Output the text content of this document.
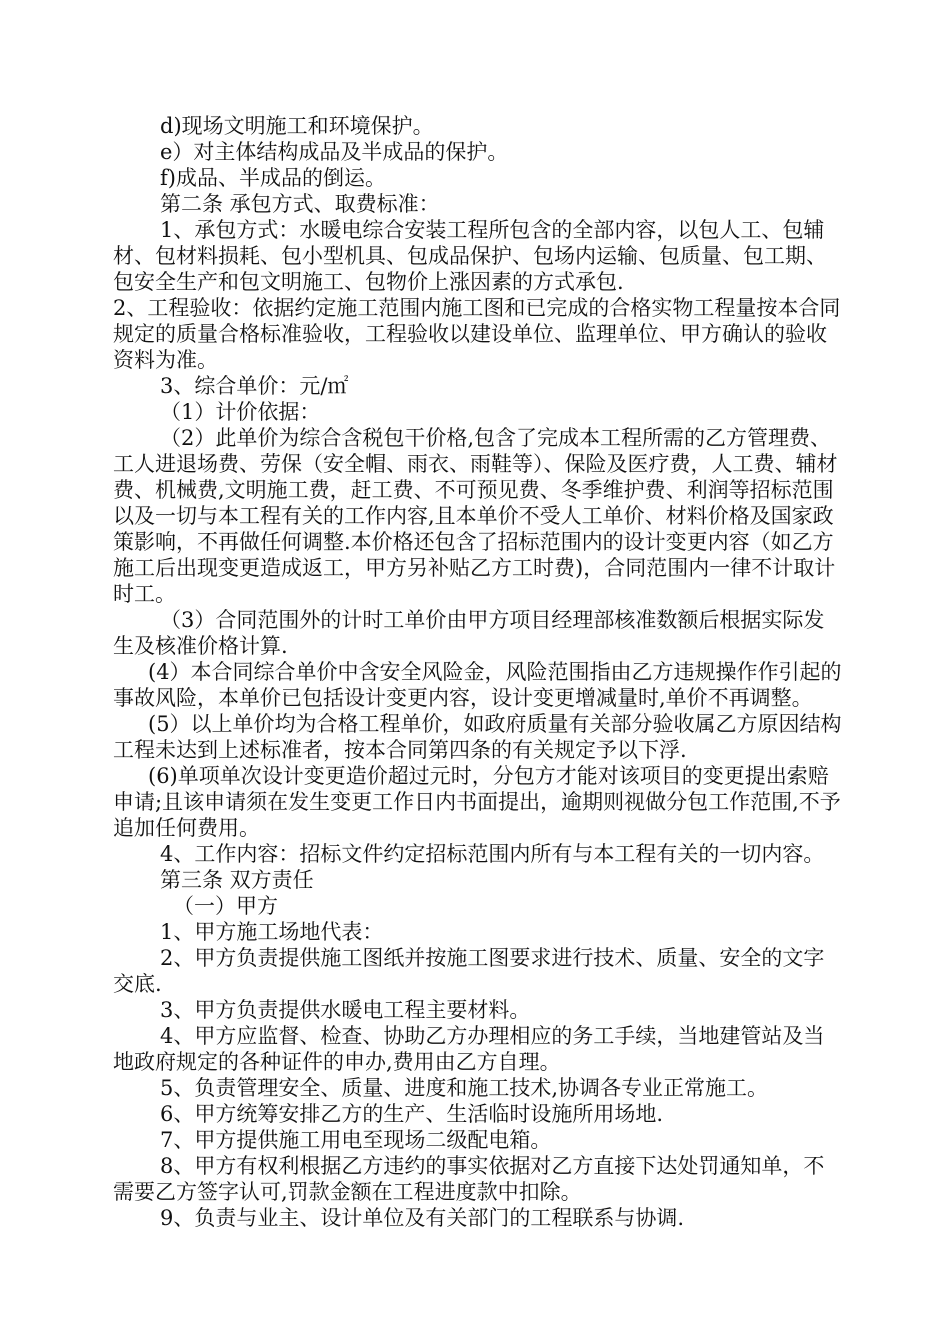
d)现场文明施工和环境保护。

e）对主体结构成品及半成品的保护。

f)成品、半成品的倒运。

第二条 承包方式、取费标准：

1、承包方式：水暖电综合安装工程所包含的全部内容，以包人工、包辅材、包材料损耗、包小型机具、包成品保护、包场内运输、包质量、包工期、包安全生产和包文明施工、包物价上涨因素的方式承包.

2、工程验收：依据约定施工范围内施工图和已完成的合格实物工程量按本合同规定的质量合格标准验收，工程验收以建设单位、监理单位、甲方确认的验收资料为准。

3、综合单价：元/㎡

（1）计价依据：

（2）此单价为综合含税包干价格,包含了完成本工程所需的乙方管理费、工人进退场费、劳保（安全帽、雨衣、雨鞋等）、保险及医疗费，人工费、辅材费、机械费,文明施工费，赶工费、不可预见费、冬季维护费、利润等招标范围以及一切与本工程有关的工作内容,且本单价不受人工单价、材料价格及国家政策影响，不再做任何调整.本价格还包含了招标范围内的设计变更内容（如乙方施工后出现变更造成返工，甲方另补贴乙方工时费)，合同范围内一律不计取计时工。

（3）合同范围外的计时工单价由甲方项目经理部核准数额后根据实际发生及核准价格计算.

(4）本合同综合单价中含安全风险金，风险范围指由乙方违规操作作引起的事故风险，本单价已包括设计变更内容，设计变更增减量时,单价不再调整。

(5）以上单价均为合格工程单价，如政府质量有关部分验收属乙方原因结构工程未达到上述标准者，按本合同第四条的有关规定予以下浮.

(6)单项单次设计变更造价超过元时，分包方才能对该项目的变更提出索赔申请;且该申请须在发生变更工作日内书面提出，逾期则视做分包工作范围,不予追加任何费用。

4、工作内容：招标文件约定招标范围内所有与本工程有关的一切内容。

第三条 双方责任

（一）甲方

1、甲方施工场地代表：

2、甲方负责提供施工图纸并按施工图要求进行技术、质量、安全的文字交底.

3、甲方负责提供水暖电工程主要材料。

4、甲方应监督、检查、协助乙方办理相应的务工手续，当地建管站及当地政府规定的各种证件的申办,费用由乙方自理。

5、负责管理安全、质量、进度和施工技术,协调各专业正常施工。

6、甲方统筹安排乙方的生产、生活临时设施所用场地.

7、甲方提供施工用电至现场二级配电箱。

8、甲方有权利根据乙方违约的事实依据对乙方直接下达处罚通知单，不需要乙方签字认可,罚款金额在工程进度款中扣除。

9、负责与业主、设计单位及有关部门的工程联系与协调.
